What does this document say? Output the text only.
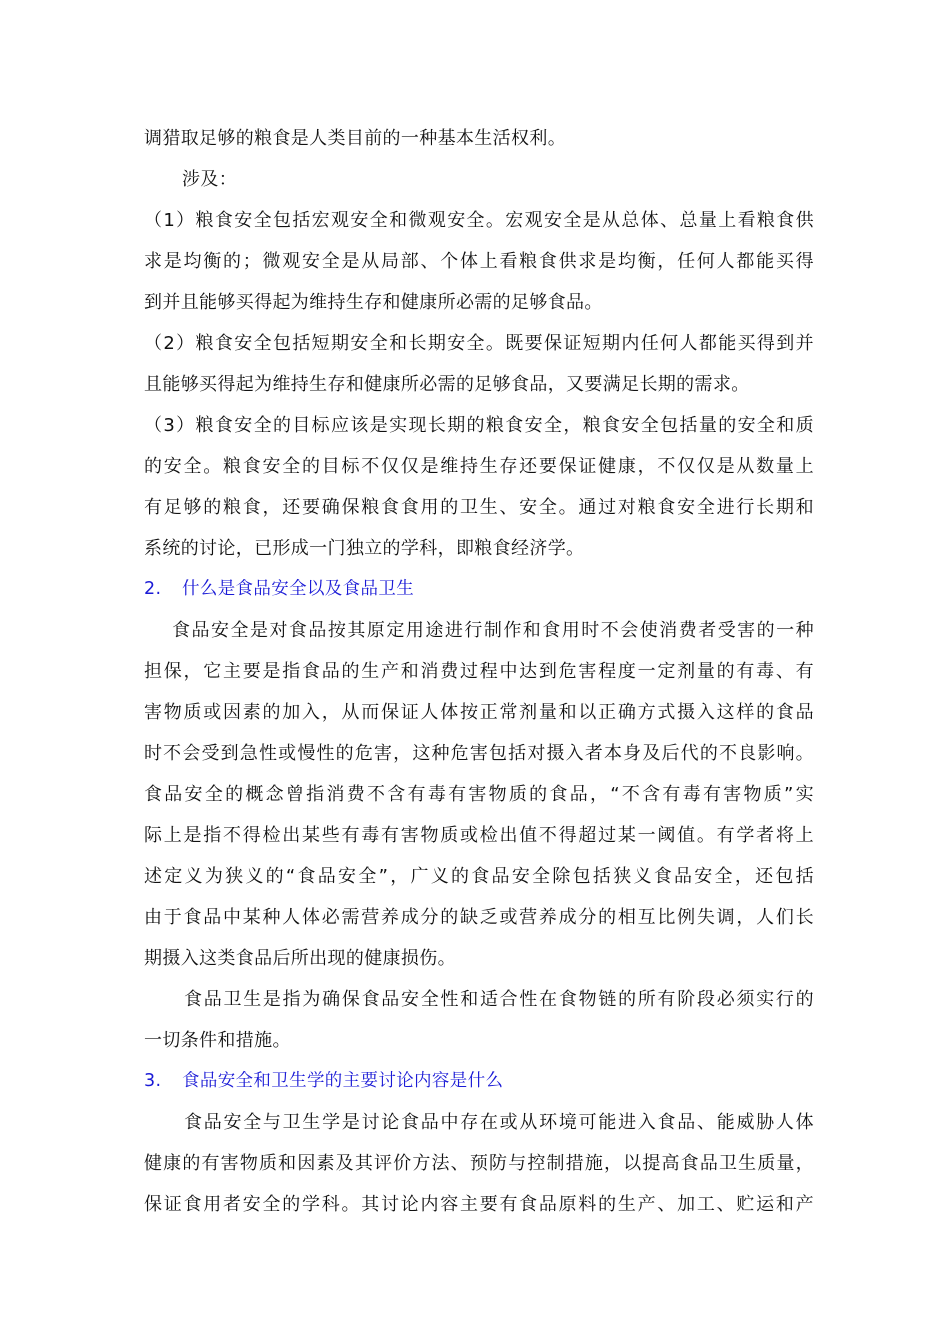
调猎取足够的粮食是人类目前的一种基本生活权利。
涉及：
（1）粮食安全包括宏观安全和微观安全。宏观安全是从总体、总量上看粮食供
求是均衡的；微观安全是从局部、个体上看粮食供求是均衡，任何人都能买得
到并且能够买得起为维持生存和健康所必需的足够食品。
（2）粮食安全包括短期安全和长期安全。既要保证短期内任何人都能买得到并
且能够买得起为维持生存和健康所必需的足够食品，又要满足长期的需求。
（3）粮食安全的目标应该是实现长期的粮食安全，粮食安全包括量的安全和质
的安全。粮食安全的目标不仅仅是维持生存还要保证健康，不仅仅是从数量上
有足够的粮食，还要确保粮食食用的卫生、安全。通过对粮食安全进行长期和
系统的讨论，已形成一门独立的学科，即粮食经济学。
2. 什么是食品安全以及食品卫生
食品安全是对食品按其原定用途进行制作和食用时不会使消费者受害的一种
担保，它主要是指食品的生产和消费过程中达到危害程度一定剂量的有毒、有
害物质或因素的加入，从而保证人体按正常剂量和以正确方式摄入这样的食品
时不会受到急性或慢性的危害，这种危害包括对摄入者本身及后代的不良影响。
食品安全的概念曾指消费不含有毒有害物质的食品，“不含有毒有害物质”实
际上是指不得检出某些有毒有害物质或检出值不得超过某一阈值。有学者将上
述定义为狭义的“食品安全”，广义的食品安全除包括狭义食品安全，还包括
由于食品中某种人体必需营养成分的缺乏或营养成分的相互比例失调，人们长
期摄入这类食品后所出现的健康损伤。
食品卫生是指为确保食品安全性和适合性在食物链的所有阶段必须实行的
一切条件和措施。
3. 食品安全和卫生学的主要讨论内容是什么
食品安全与卫生学是讨论食品中存在或从环境可能进入食品、能威胁人体
健康的有害物质和因素及其评价方法、预防与控制措施，以提高食品卫生质量，
保证食用者安全的学科。其讨论内容主要有食品原料的生产、加工、贮运和产
